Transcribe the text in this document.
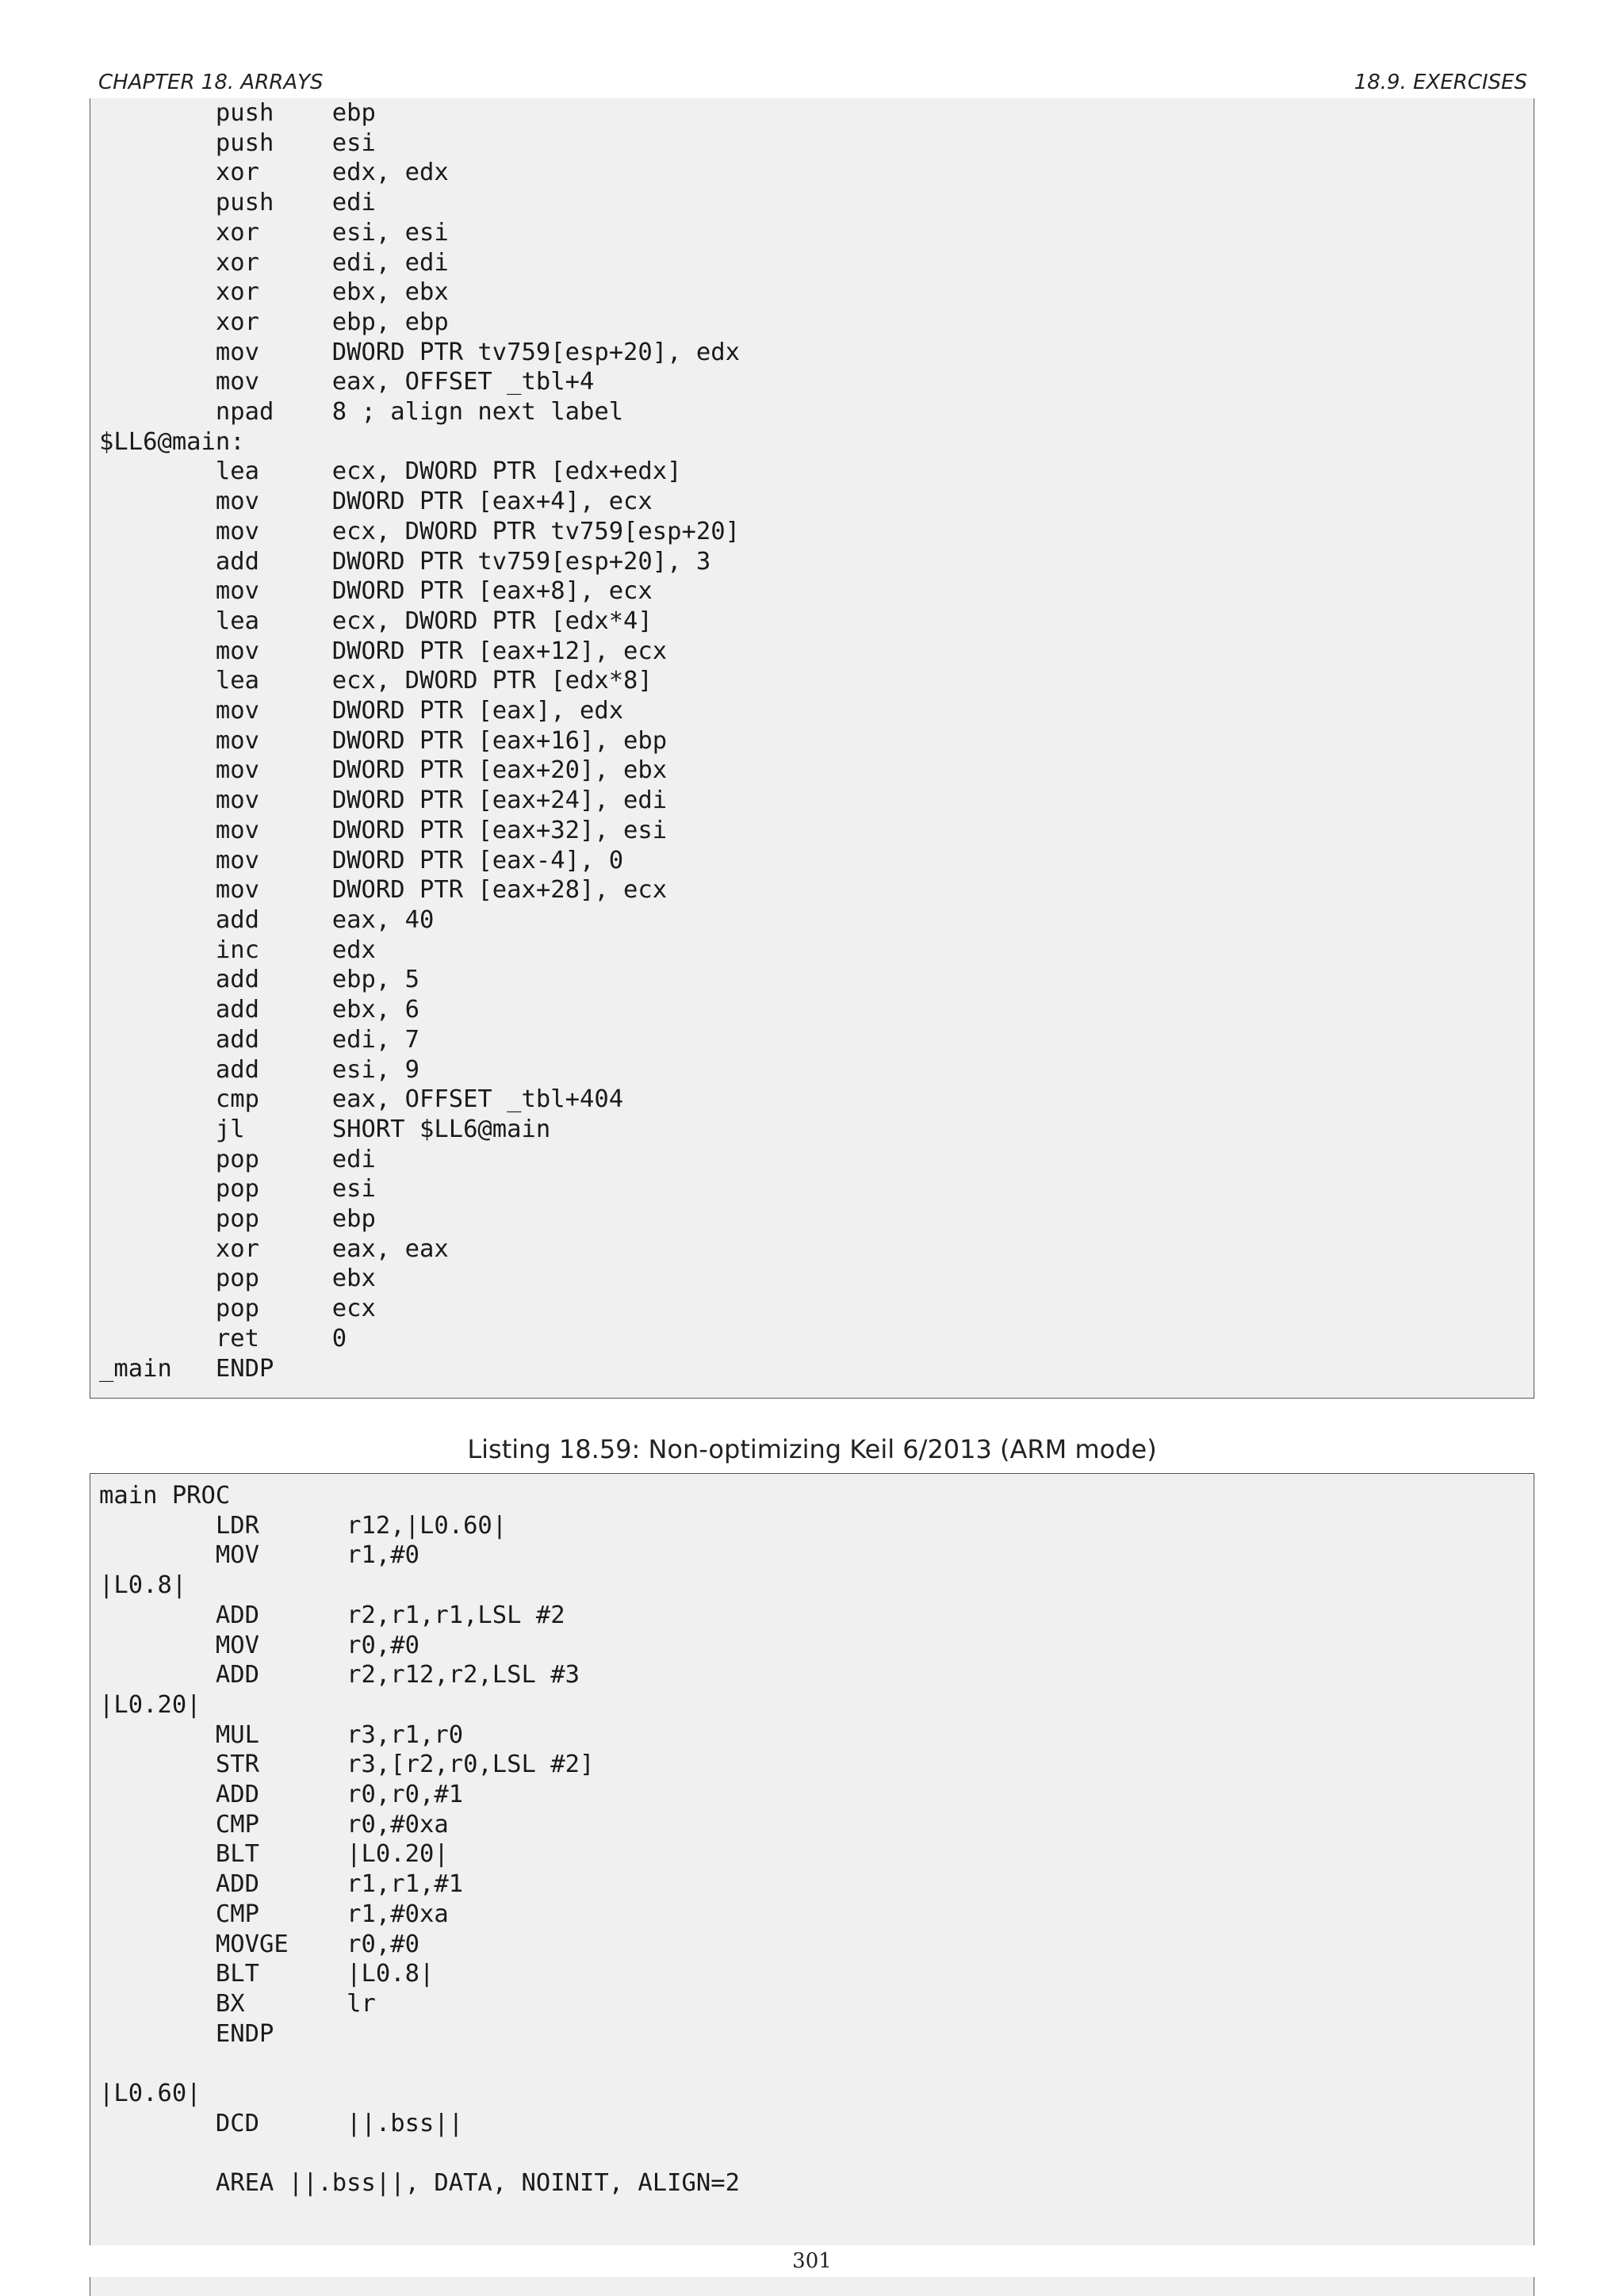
CHAPTER 18. ARRAYS	18.9. EXERCISES
push    ebp
push    esi
xor     edx, edx
push    edi
xor     esi, esi
xor     edi, edi
xor     ebx, ebx
xor     ebp, ebp
mov     DWORD PTR tv759[esp+20], edx
mov     eax, OFFSET _tbl+4
npad    8 ; align next label
$LL6@main:
lea     ecx, DWORD PTR [edx+edx]
mov     DWORD PTR [eax+4], ecx
mov     ecx, DWORD PTR tv759[esp+20]
add     DWORD PTR tv759[esp+20], 3
mov     DWORD PTR [eax+8], ecx
lea     ecx, DWORD PTR [edx*4]
mov     DWORD PTR [eax+12], ecx
lea     ecx, DWORD PTR [edx*8]
mov     DWORD PTR [eax], edx
mov     DWORD PTR [eax+16], ebp
mov     DWORD PTR [eax+20], ebx
mov     DWORD PTR [eax+24], edi
mov     DWORD PTR [eax+32], esi
mov     DWORD PTR [eax-4], 0
mov     DWORD PTR [eax+28], ecx
add     eax, 40
inc     edx
add     ebp, 5
add     ebx, 6
add     edi, 7
add     esi, 9
cmp     eax, OFFSET _tbl+404
jl      SHORT $LL6@main
pop     edi
pop     esi
pop     ebp
xor     eax, eax
pop     ebx
pop     ecx
ret     0
_main   ENDP
Listing 18.59: Non-optimizing Keil 6/2013 (ARM mode)
main PROC
LDR      r12,|L0.60|
MOV      r1,#0
|L0.8|
ADD      r2,r1,r1,LSL #2
MOV      r0,#0
ADD      r2,r12,r2,LSL #3
|L0.20|
MUL      r3,r1,r0
STR      r3,[r2,r0,LSL #2]
ADD      r0,r0,#1
CMP      r0,#0xa
BLT      |L0.20|
ADD      r1,r1,#1
CMP      r1,#0xa
MOVGE    r0,#0
BLT      |L0.8|
BX       lr
ENDP

|L0.60|
DCD      ||.bss||

AREA ||.bss||, DATA, NOINIT, ALIGN=2
301
